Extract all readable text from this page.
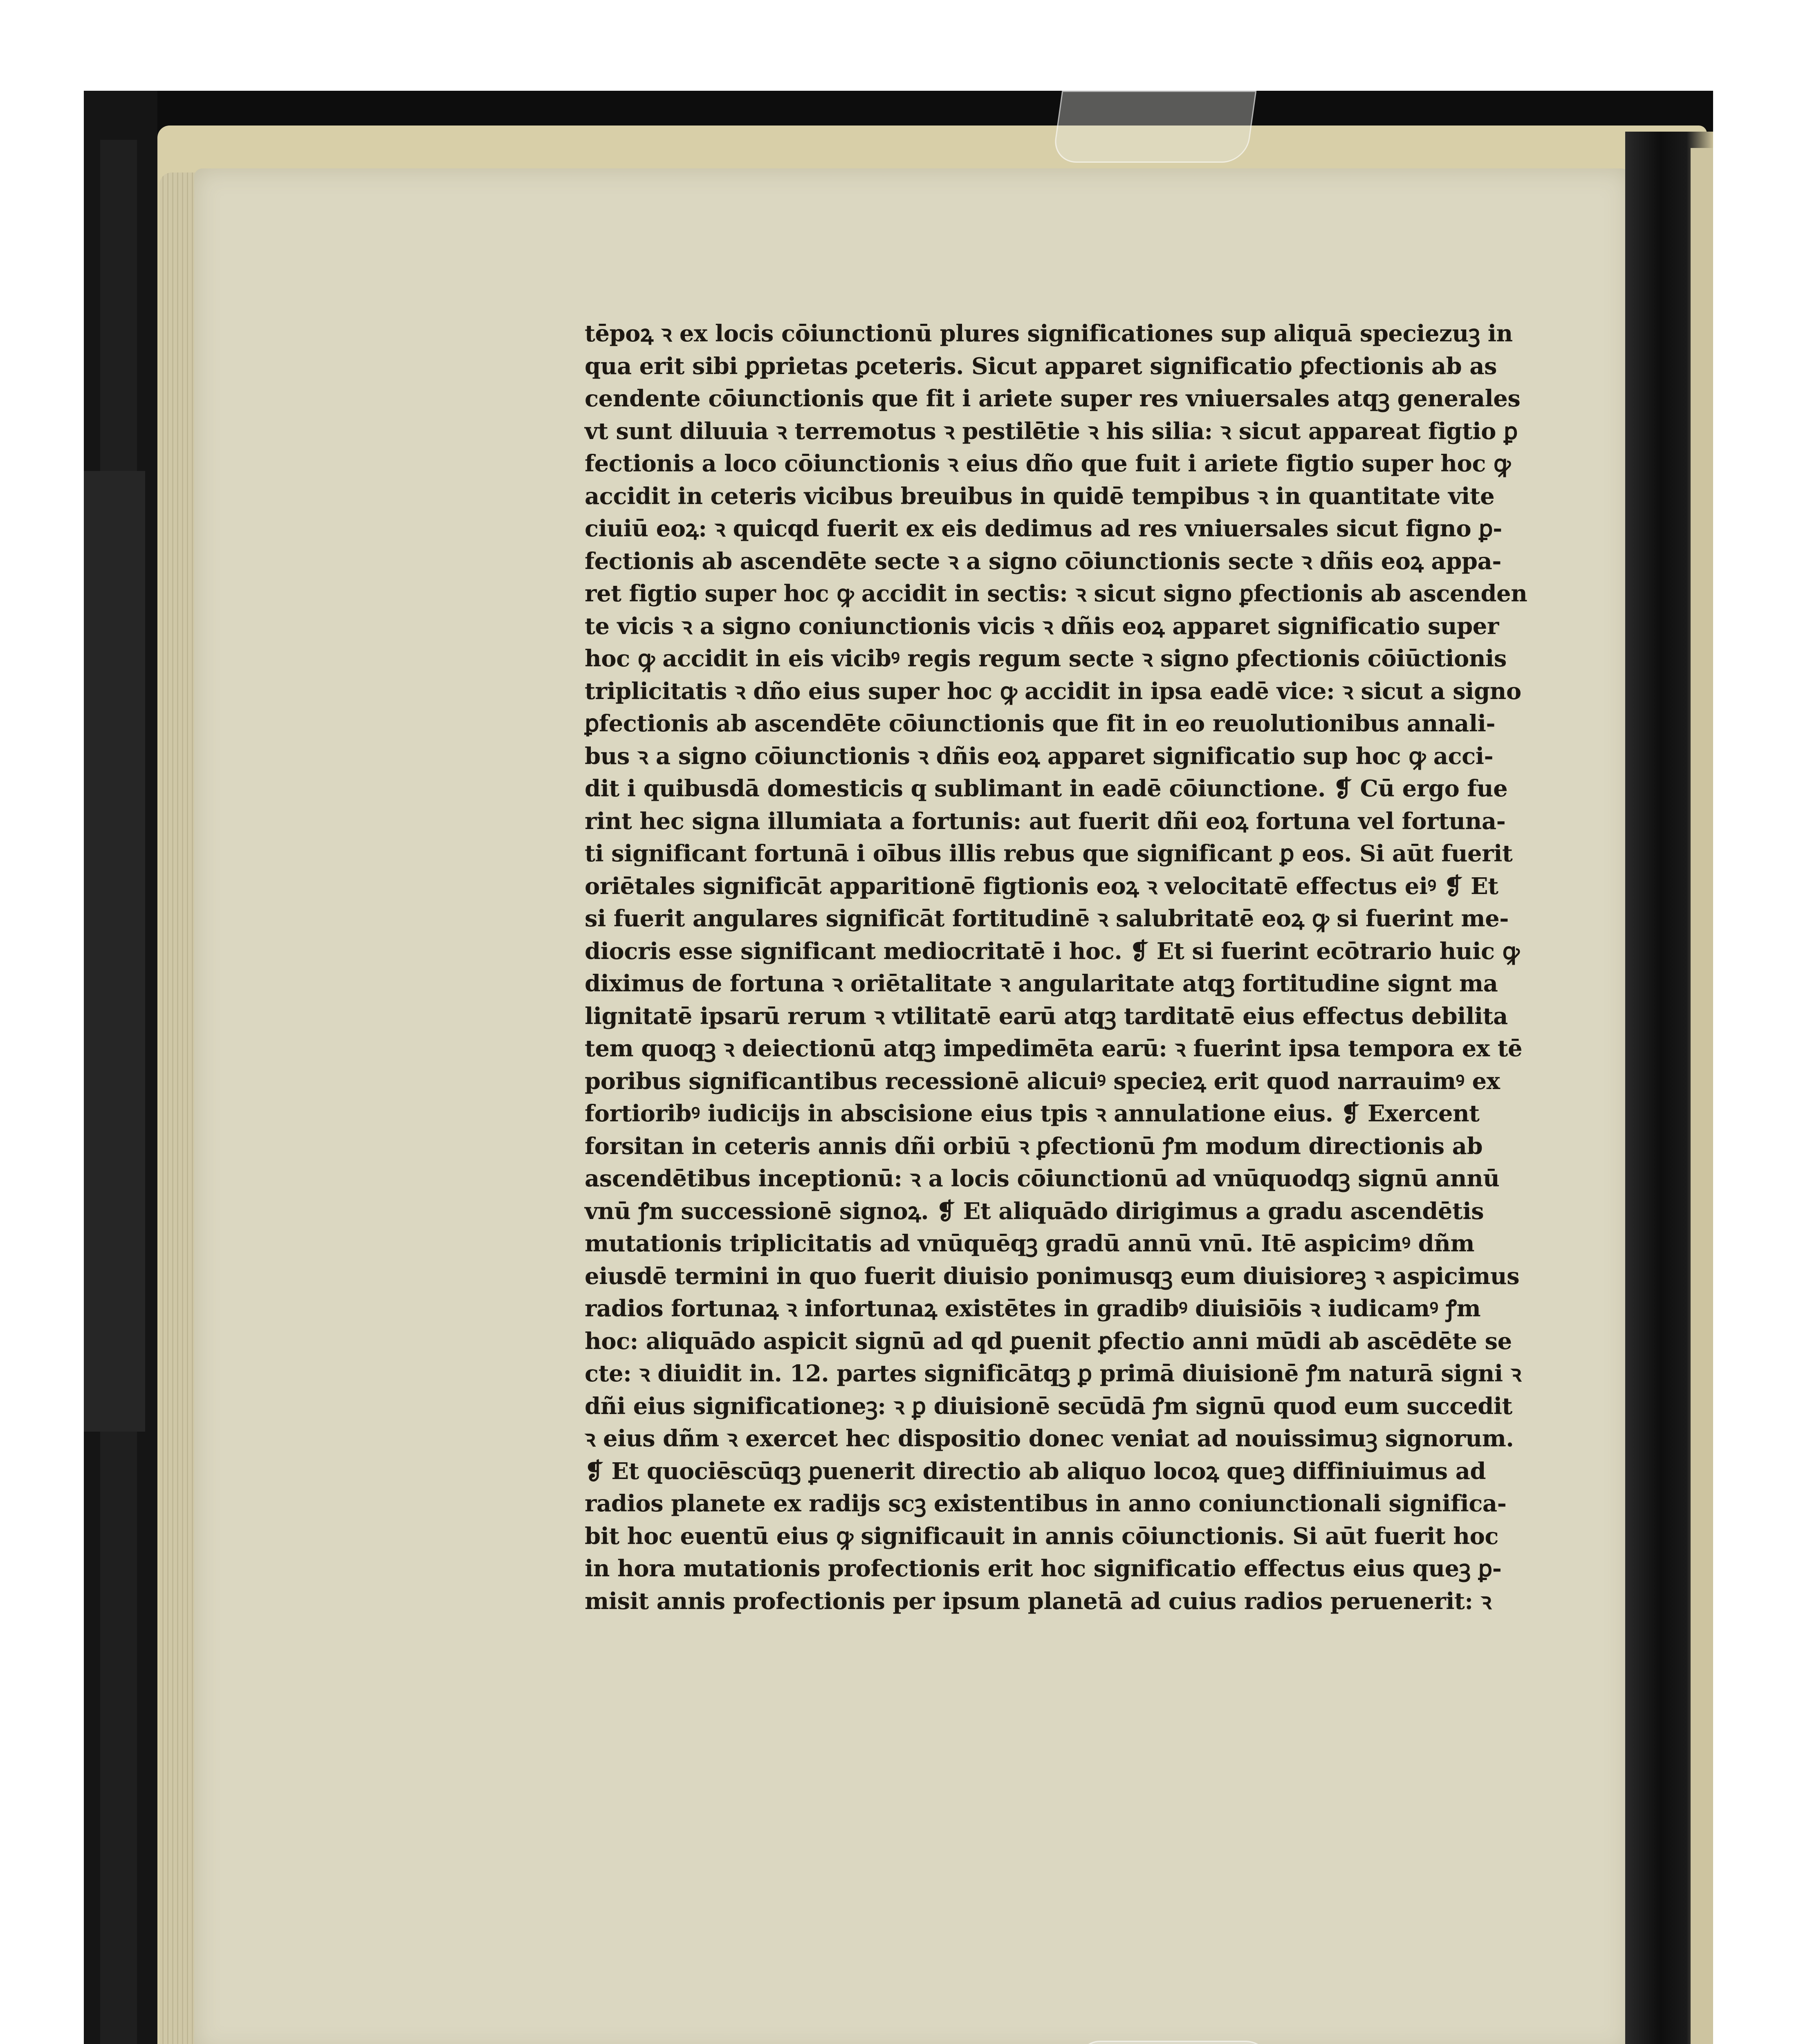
tēpoꝝ ꝛ ex locis cōiunctionū plures significationes sup aliquā speciezuꝫ in
qua erit sibi ꝑprietas ꝑceteris. Sicut apparet significatio ꝑfectionis ab as
cendente cōiunctionis que fit i ariete super res vniuersales atqꝫ generales
vt sunt diluuia ꝛ terremotus ꝛ pestilētie ꝛ his silia: ꝛ sicut appareat figtio ꝑ
fectionis a loco cōiunctionis ꝛ eius dño que fuit i ariete figtio super hoc ꝙ
accidit in ceteris vicibus breuibus in quidē tempibus ꝛ in quantitate vite
ciuiū eoꝝ: ꝛ quicqd fuerit ex eis dedimus ad res vniuersales sicut figno ꝑ-
fectionis ab ascendēte secte ꝛ a signo cōiunctionis secte ꝛ dñis eoꝝ appa-
ret figtio super hoc ꝙ accidit in sectis: ꝛ sicut signo ꝑfectionis ab ascenden
te vicis ꝛ a signo coniunctionis vicis ꝛ dñis eoꝝ apparet significatio super
hoc ꝙ accidit in eis vicibꝰ regis regum secte ꝛ signo ꝑfectionis cōiūctionis
triplicitatis ꝛ dño eius super hoc ꝙ accidit in ipsa eadē vice: ꝛ sicut a signo
ꝑfectionis ab ascendēte cōiunctionis que fit in eo reuolutionibus annali-
bus ꝛ a signo cōiunctionis ꝛ dñis eoꝝ apparet significatio sup hoc ꝙ acci-
dit i quibusdā domesticis q sublimant in eadē cōiunctione. ❡ Cū ergo fue
rint hec signa illumiata a fortunis: aut fuerit dñi eoꝝ fortuna vel fortuna-
ti significant fortunā i oībus illis rebus que significant ꝑ eos. Si aūt fuerit
oriētales significāt apparitionē figtionis eoꝝ ꝛ velocitatē effectus eiꝰ ❡ Et
si fuerit angulares significāt fortitudinē ꝛ salubritatē eoꝝ ꝙ si fuerint me-
diocris esse significant mediocritatē i hoc. ❡ Et si fuerint ecōtrario huic ꝙ
diximus de fortuna ꝛ oriētalitate ꝛ angularitate atqꝫ fortitudine signt ma
lignitatē ipsarū rerum ꝛ vtilitatē earū atqꝫ tarditatē eius effectus debilita
tem quoqꝫ ꝛ deiectionū atqꝫ impedimēta earū: ꝛ fuerint ipsa tempora ex tē
poribus significantibus recessionē alicuiꝰ specieꝝ erit quod narrauimꝰ ex
fortioribꝰ iudicijs in abscisione eius tpis ꝛ annulatione eius. ❡ Exercent
forsitan in ceteris annis dñi orbiū ꝛ ꝑfectionū ꝭm modum directionis ab
ascendētibus inceptionū: ꝛ a locis cōiunctionū ad vnūquodqꝫ signū annū
vnū ꝭm successionē signoꝝ. ❡ Et aliquādo dirigimus a gradu ascendētis
mutationis triplicitatis ad vnūquēqꝫ gradū annū vnū. Itē aspicimꝰ dñm
eiusdē termini in quo fuerit diuisio ponimusqꝫ eum diuisioreꝫ ꝛ aspicimus
radios fortunaꝝ ꝛ infortunaꝝ existētes in gradibꝰ diuisiōis ꝛ iudicamꝰ ꝭm
hoc: aliquādo aspicit signū ad qd ꝑuenit ꝑfectio anni mūdi ab ascēdēte se
cte: ꝛ diuidit in. 12. partes significātqꝫ ꝑ primā diuisionē ꝭm naturā signi ꝛ
dñi eius significationeꝫ: ꝛ ꝑ diuisionē secūdā ꝭm signū quod eum succedit
ꝛ eius dñm ꝛ exercet hec dispositio donec veniat ad nouissimuꝫ signorum.
❡ Et quociēscūqꝫ ꝑuenerit directio ab aliquo locoꝝ queꝫ diffiniuimus ad
radios planete ex radijs scꝫ existentibus in anno coniunctionali significa-
bit hoc euentū eius ꝙ significauit in annis cōiunctionis. Si aūt fuerit hoc
in hora mutationis profectionis erit hoc significatio effectus eius queꝫ ꝑ-
misit annis profectionis per ipsum planetā ad cuius radios peruenerit: ꝛ
